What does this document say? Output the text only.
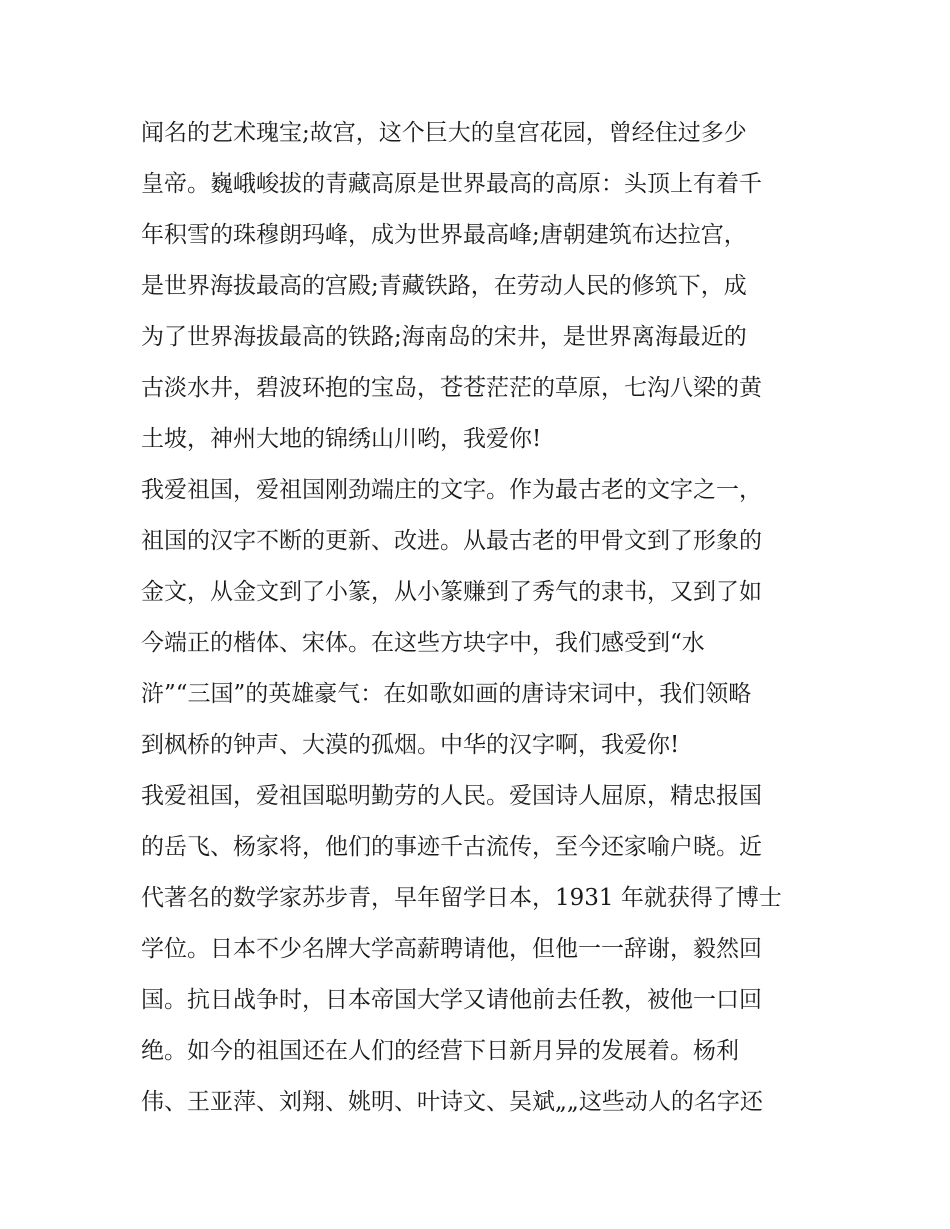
闻名的艺术瑰宝;故宫，这个巨大的皇宫花园，曾经住过多少
皇帝。巍峨峻拔的青藏高原是世界最高的高原：头顶上有着千
年积雪的珠穆朗玛峰，成为世界最高峰;唐朝建筑布达拉宫，
是世界海拔最高的宫殿;青藏铁路，在劳动人民的修筑下，成
为了世界海拔最高的铁路;海南岛的宋井，是世界离海最近的
古淡水井，碧波环抱的宝岛，苍苍茫茫的草原，七沟八梁的黄
土坡，神州大地的锦绣山川哟，我爱你!
我爱祖国，爱祖国刚劲端庄的文字。作为最古老的文字之一，
祖国的汉字不断的更新、改进。从最古老的甲骨文到了形象的
金文，从金文到了小篆，从小篆赚到了秀气的隶书，又到了如
今端正的楷体、宋体。在这些方块字中，我们感受到“水
浒”“三国”的英雄豪气：在如歌如画的唐诗宋词中，我们领略
到枫桥的钟声、大漠的孤烟。中华的汉字啊，我爱你!
我爱祖国，爱祖国聪明勤劳的人民。爱国诗人屈原，精忠报国
的岳飞、杨家将，他们的事迹千古流传，至今还家喻户晓。近
代著名的数学家苏步青，早年留学日本，1931 年就获得了博士
学位。日本不少名牌大学高薪聘请他，但他一一辞谢，毅然回
国。抗日战争时，日本帝国大学又请他前去任教，被他一口回
绝。如今的祖国还在人们的经营下日新月异的发展着。杨利
伟、王亚萍、刘翔、姚明、叶诗文、吴斌„„这些动人的名字还
